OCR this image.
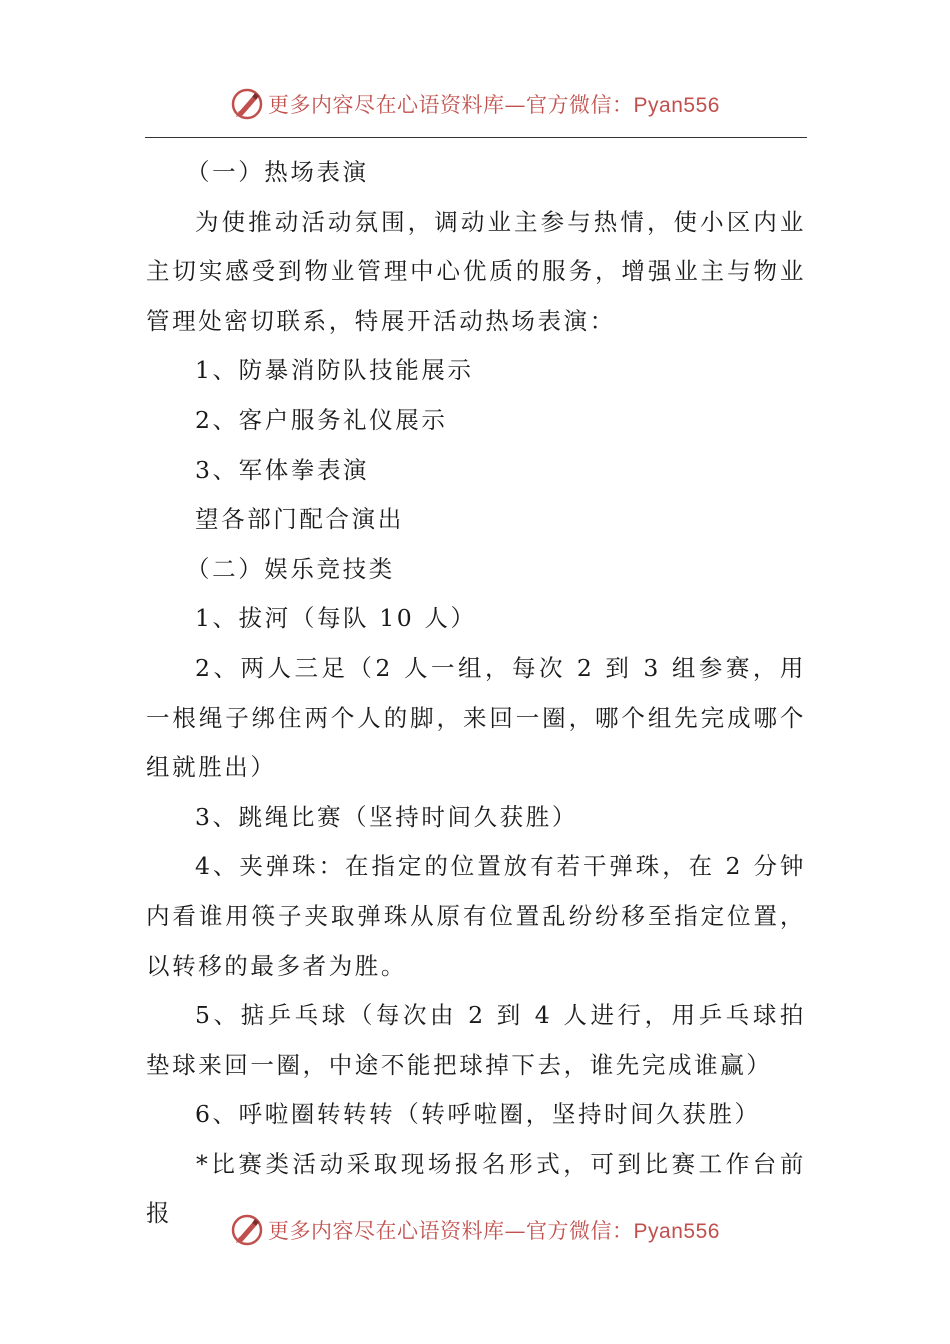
更多内容尽在心语资料库—官方微信：Pyan556

（一）热场表演

为使推动活动氛围，调动业主参与热情，使小区内业主切实感受到物业管理中心优质的服务，增强业主与物业管理处密切联系，特展开活动热场表演：

1、防暴消防队技能展示

2、客户服务礼仪展示

3、军体拳表演

望各部门配合演出

（二）娱乐竞技类

1、拔河（每队 10 人）

2、两人三足（2 人一组，每次 2 到 3 组参赛，用一根绳子绑住两个人的脚，来回一圈，哪个组先完成哪个组就胜出）

3、跳绳比赛（坚持时间久获胜）

4、夹弹珠：在指定的位置放有若干弹珠，在 2 分钟内看谁用筷子夹取弹珠从原有位置乱纷纷移至指定位置，以转移的最多者为胜。

5、掂乒乓球（每次由 2 到 4 人进行，用乒乓球拍垫球来回一圈，中途不能把球掉下去，谁先完成谁赢）

6、呼啦圈转转转（转呼啦圈，坚持时间久获胜）

*比赛类活动采取现场报名形式，可到比赛工作台前报

更多内容尽在心语资料库—官方微信：Pyan556
